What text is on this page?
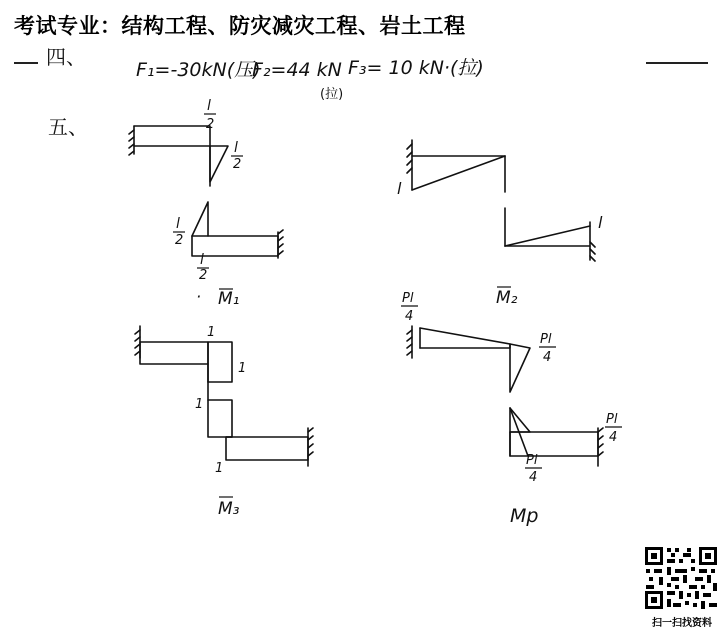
考试专业：结构工程、防灾减灾工程、岩土工程
四、
F₁=-30kN(压)
F₂=44 kN
(拉)
F₃= 10 kN·(拉)
五、
l
2
l
2
l
2
l
2
· M₁
l
l
M₂
1
1
1
1
M₃
Pl
4
Pl
4
Pl
4
Pl
4
Mp
扫一扫找资料
